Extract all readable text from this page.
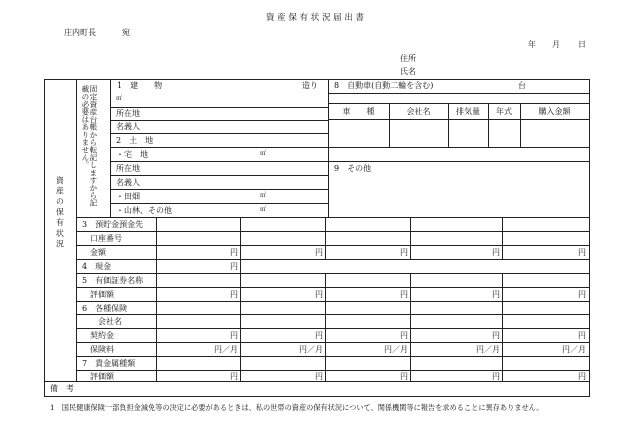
資 産 保 有 状 況 届 出 書
庄内町長	宛
年 月 日
住所
氏名
資 産 の 保 有 状 況
固定資産台帳から転記しますから記載の必要はありません。	1　建　　物	造り
㎡
所在地
名義人
2　土　地
・宅　地	㎡
所在地
名義人
・田畑	㎡
・山林、その他	㎡
8　自動車(自動二輪を含む)	台
車　　種	会社名	排気量	年式	購入金額
9　その他
3　預貯金預金先
口座番号
金額	円	円	円	円	円
4　現金	円
5　有価証券名称
評価額	円	円	円	円	円
6　各種保険
会社名
契約金	円	円	円	円	円
保険料	円／月	円／月	円／月	円／月	円／月
7　貴金属種類
評価額	円	円	円	円	円
備　考
1　国民健康保険一部負担金減免等の決定に必要があるときは、私の世帯の資産の保有状況について、関係機関等に報告を求めることに異存ありません。
